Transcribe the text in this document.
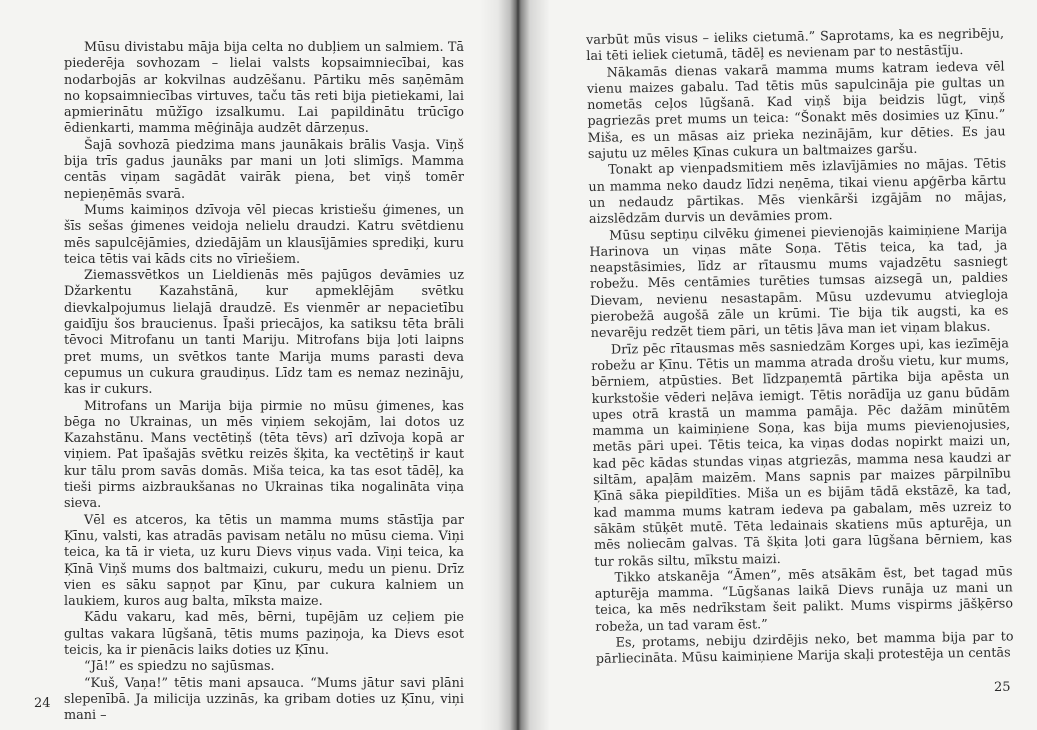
Mūsu divistabu māja bija celta no dubļiem un salmiem. Tā piederēja sovhozam – lielai valsts kopsaimniecībai, kas nodarbojās ar kokvilnas audzēšanu. Pārtiku mēs saņēmām no kopsaimniecības virtuves, taču tās reti bija pietiekami, lai apmierinātu mūžīgo izsalkumu. Lai papildinātu trūcīgo ēdienkarti, mamma mēģināja audzēt dārzeņus.

Šajā sovhozā piedzima mans jaunākais brālis Vasja. Viņš bija trīs gadus jaunāks par mani un ļoti slimīgs. Mamma centās viņam sagādāt vairāk piena, bet viņš tomēr nepieņēmās svarā.

Mums kaimiņos dzīvoja vēl piecas kristiešu ģimenes, un šīs sešas ģimenes veidoja nelielu draudzi. Katru svētdienu mēs sapulcējāmies, dziedājām un klausījāmies sprediķi, kuru teica tētis vai kāds cits no vīriešiem.

Ziemassvētkos un Lieldienās mēs pajūgos devāmies uz Džarkentu Kazahstānā, kur apmeklējām svētku dievkalpojumus lielajā draudzē. Es vienmēr ar nepacietību gaidīju šos braucienus. Īpaši priecājos, ka satiksu tēta brāli tēvoci Mitrofanu un tanti Mariju. Mitrofans bija ļoti laipns pret mums, un svētkos tante Marija mums parasti deva cepumus un cukura graudiņus. Līdz tam es nemaz nezināju, kas ir cukurs.

Mitrofans un Marija bija pirmie no mūsu ģimenes, kas bēga no Ukrainas, un mēs viņiem sekojām, lai dotos uz Kazahstānu. Mans vectētiņš (tēta tēvs) arī dzīvoja kopā ar viņiem. Pat īpašajās svētku reizēs šķita, ka vectētiņš ir kaut kur tālu prom savās domās. Miša teica, ka tas esot tādēļ, ka tieši pirms aizbraukšanas no Ukrainas tika nogalināta viņa sieva.

Vēl es atceros, ka tētis un mamma mums stāstīja par Ķīnu, valsti, kas atradās pavisam netālu no mūsu ciema. Viņi teica, ka tā ir vieta, uz kuru Dievs viņus vada. Viņi teica, ka Ķīnā Viņš mums dos baltmaizi, cukuru, medu un pienu. Drīz vien es sāku sapņot par Ķīnu, par cukura kalniem un laukiem, kuros aug balta, mīksta maize.

Kādu vakaru, kad mēs, bērni, tupējām uz ceļiem pie gultas vakara lūgšanā, tētis mums paziņoja, ka Dievs esot teicis, ka ir pienācis laiks doties uz Ķīnu.

“Jā!” es spiedzu no sajūsmas.

“Kuš, Vaņa!” tētis mani apsauca. “Mums jātur savi plāni slepenībā. Ja milicija uzzinās, ka gribam doties uz Ķīnu, viņi mani –

24

varbūt mūs visus – ieliks cietumā.” Saprotams, ka es negribēju, lai tēti ieliek cietumā, tādēļ es nevienam par to nestāstīju.

Nākamās dienas vakarā mamma mums katram iedeva vēl vienu maizes gabalu. Tad tētis mūs sapulcināja pie gultas un nometās ceļos lūgšanā. Kad viņš bija beidzis lūgt, viņš pagriezās pret mums un teica: “Šonakt mēs dosimies uz Ķīnu.” Miša, es un māsas aiz prieka nezinājām, kur dēties. Es jau sajutu uz mēles Ķīnas cukura un baltmaizes garšu.

Tonakt ap vienpadsmitiem mēs izlavījāmies no mājas. Tētis un mamma neko daudz līdzi neņēma, tikai vienu apģērba kārtu un nedaudz pārtikas. Mēs vienkārši izgājām no mājas, aizslēdzām durvis un devāmies prom.

Mūsu septiņu cilvēku ģimenei pievienojās kaimiņiene Marija Harinova un viņas māte Soņa. Tētis teica, ka tad, ja neapstāsimies, līdz ar rītausmu mums vajadzētu sasniegt robežu. Mēs centāmies turēties tumsas aizsegā un, paldies Dievam, nevienu nesastapām. Mūsu uzdevumu atviegloja pierobežā augošā zāle un krūmi. Tie bija tik augsti, ka es nevarēju redzēt tiem pāri, un tētis ļāva man iet viņam blakus.

Drīz pēc rītausmas mēs sasniedzām Korges upi, kas iezīmēja robežu ar Ķīnu. Tētis un mamma atrada drošu vietu, kur mums, bērniem, atpūsties. Bet līdzpaņemtā pārtika bija apēsta un kurkstošie vēderi neļāva iemigt. Tētis norādīja uz ganu būdām upes otrā krastā un mamma pamāja. Pēc dažām minūtēm mamma un kaimiņiene Soņa, kas bija mums pievienojusies, metās pāri upei. Tētis teica, ka viņas dodas nopirkt maizi un, kad pēc kādas stundas viņas atgriezās, mamma nesa kaudzi ar siltām, apaļām maizēm. Mans sapnis par maizes pārpilnību Ķīnā sāka piepildīties. Miša un es bijām tādā ekstāzē, ka tad, kad mamma mums katram iedeva pa gabalam, mēs uzreiz to sākām stūķēt mutē. Tēta ledainais skatiens mūs apturēja, un mēs noliecām galvas. Tā šķita ļoti gara lūgšana bērniem, kas tur rokās siltu, mīkstu maizi.

Tikko atskanēja “Āmen”, mēs atsākām ēst, bet tagad mūs apturēja mamma. “Lūgšanas laikā Dievs runāja uz mani un teica, ka mēs nedrīkstam šeit palikt. Mums vispirms jāšķērso robeža, un tad varam ēst.”

Es, protams, nebiju dzirdējis neko, bet mamma bija par to pārliecināta. Mūsu kaimiņiene Marija skaļi protestēja un centās

25
